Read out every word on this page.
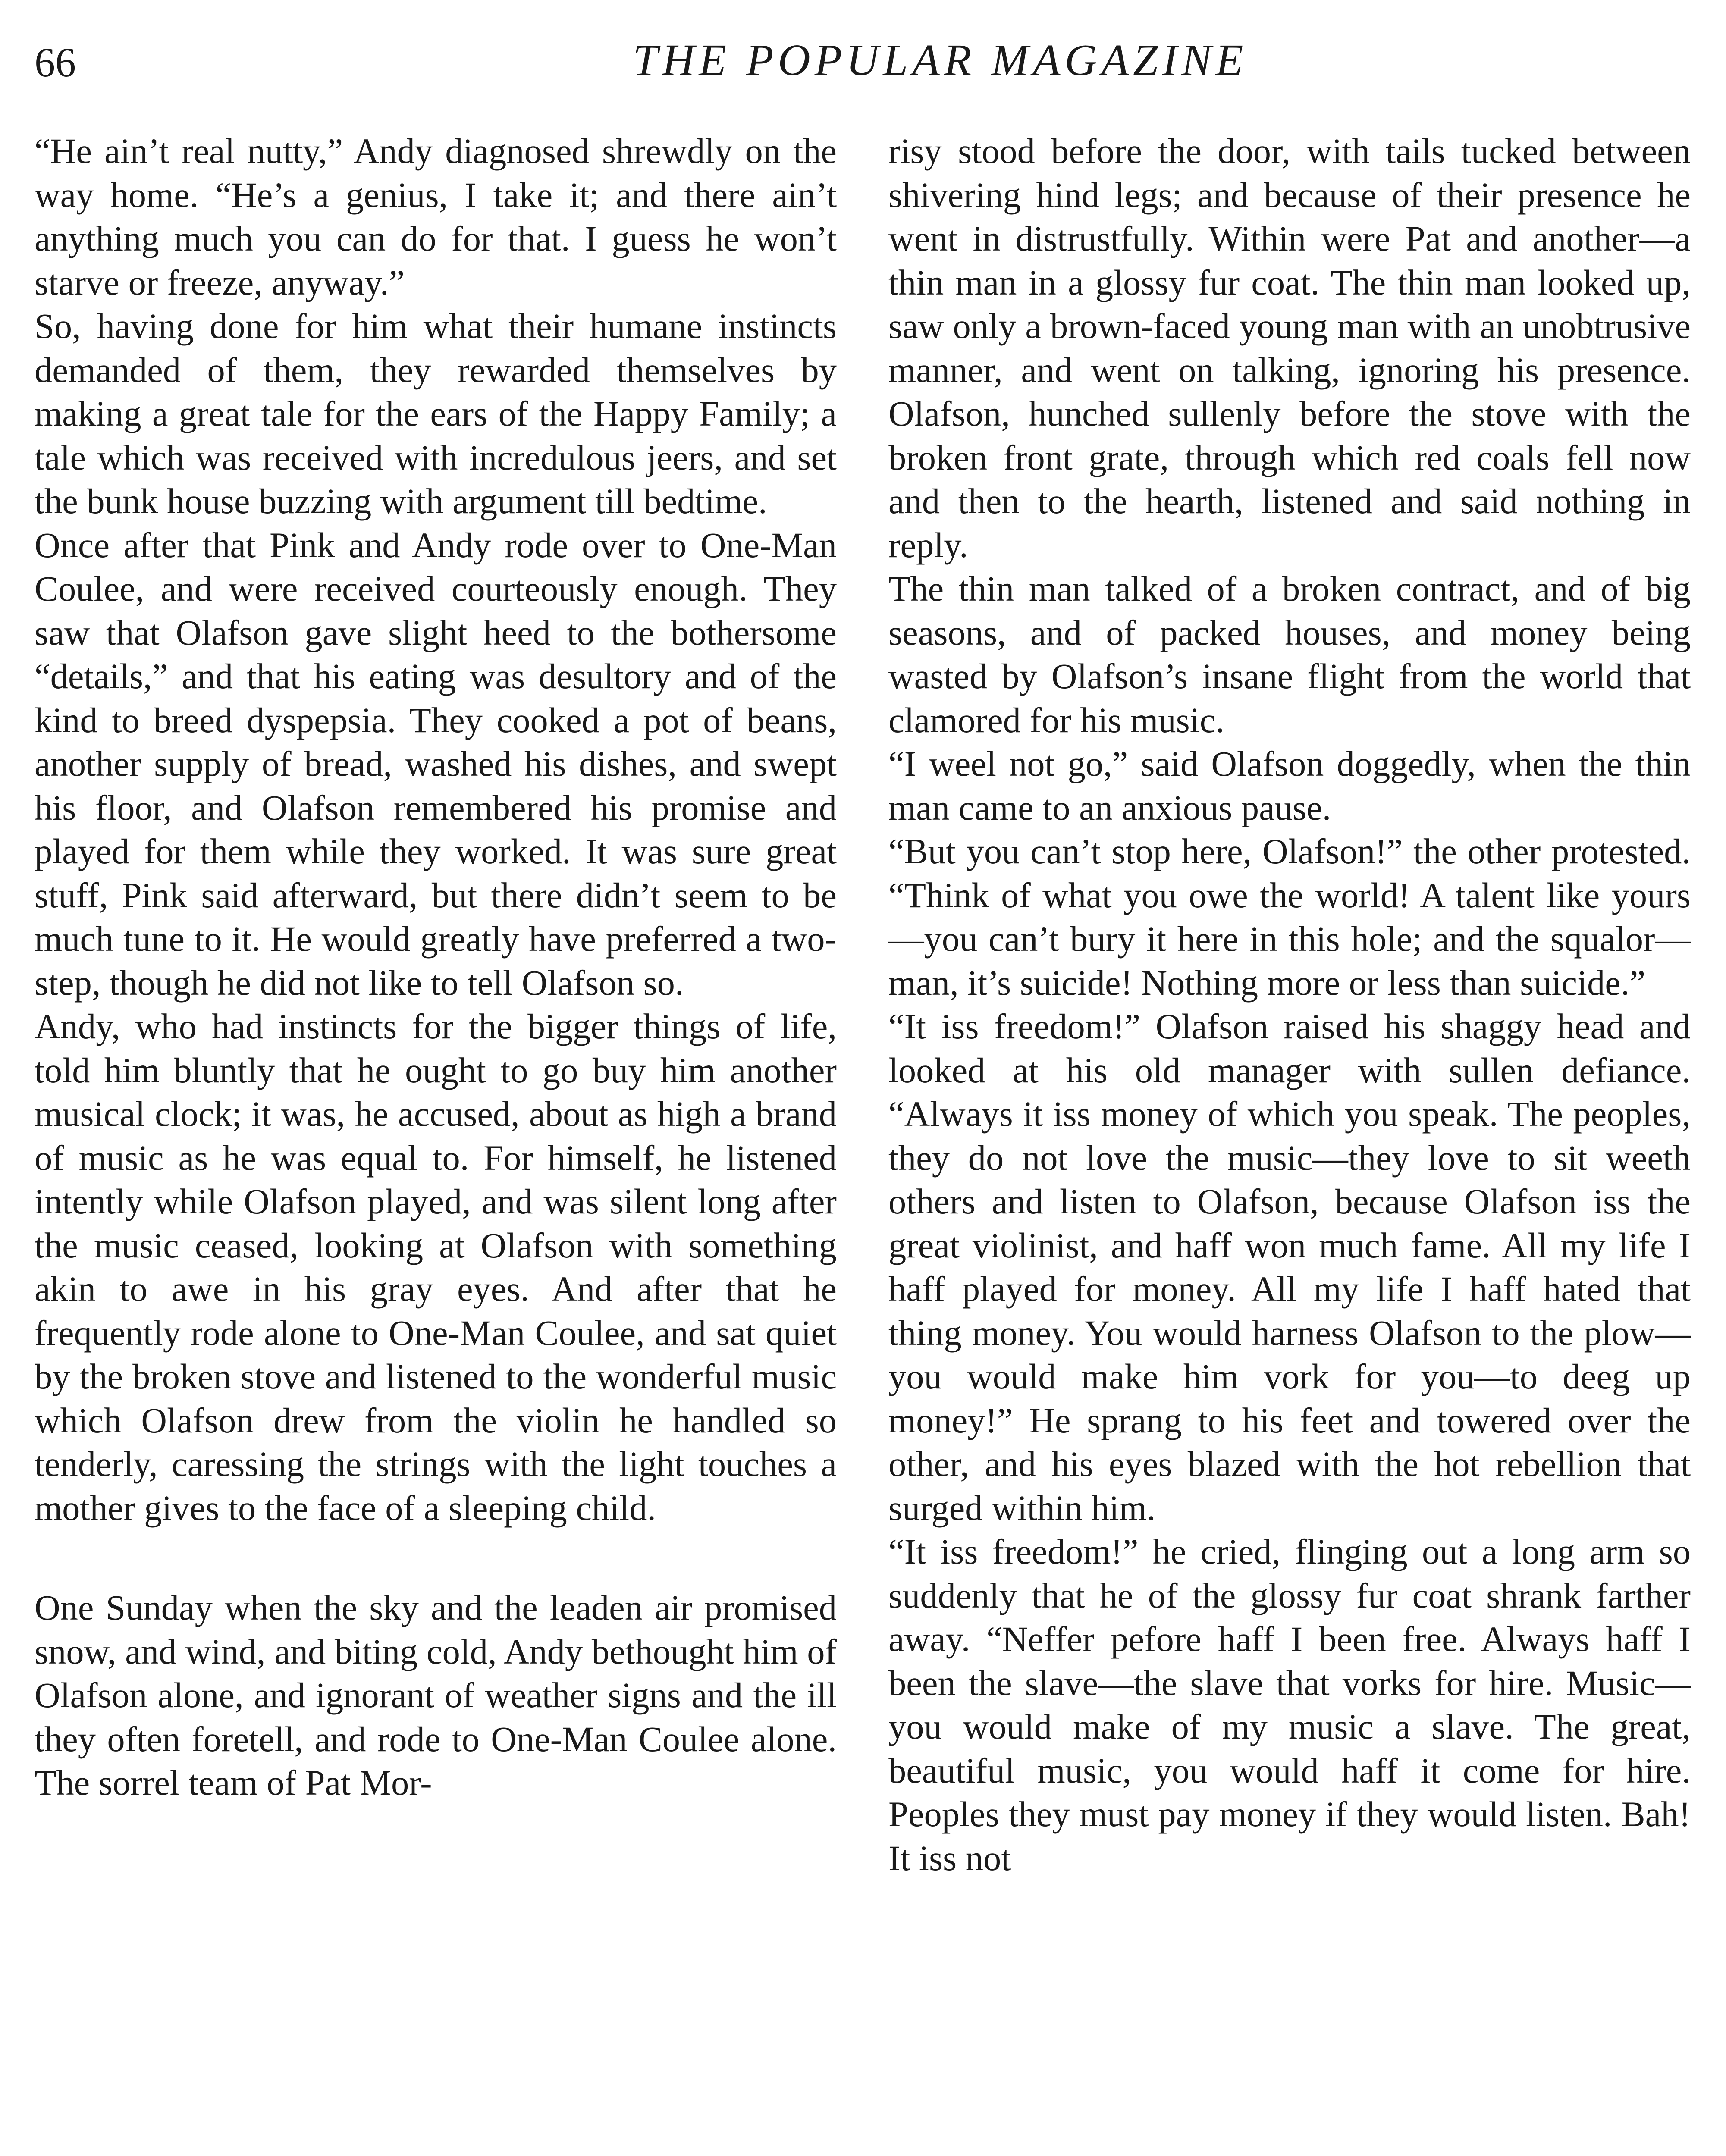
66	THE POPULAR MAGAZINE

“He ain’t real nutty,” Andy diagnosed shrewdly on the way home. “He’s a genius, I take it; and there ain’t anything much you can do for that. I guess he won’t starve or freeze, anyway.”

So, having done for him what their humane instincts demanded of them, they rewarded themselves by making a great tale for the ears of the Happy Family; a tale which was received with incredulous jeers, and set the bunk house buzzing with argument till bedtime.

Once after that Pink and Andy rode over to One-Man Coulee, and were received courteously enough. They saw that Olafson gave slight heed to the bothersome “details,” and that his eating was desultory and of the kind to breed dyspepsia. They cooked a pot of beans, another supply of bread, washed his dishes, and swept his floor, and Olafson remembered his promise and played for them while they worked. It was sure great stuff, Pink said afterward, but there didn’t seem to be much tune to it. He would greatly have preferred a two-step, though he did not like to tell Olafson so.

Andy, who had instincts for the bigger things of life, told him bluntly that he ought to go buy him another musical clock; it was, he accused, about as high a brand of music as he was equal to. For himself, he listened intently while Olafson played, and was silent long after the music ceased, looking at Olafson with something akin to awe in his gray eyes. And after that he frequently rode alone to One-Man Coulee, and sat quiet by the broken stove and listened to the wonderful music which Olafson drew from the violin he handled so tenderly, caressing the strings with the light touches a mother gives to the face of a sleeping child.

One Sunday when the sky and the leaden air promised snow, and wind, and biting cold, Andy bethought him of Olafson alone, and ignorant of weather signs and the ill they often foretell, and rode to One-Man Coulee alone. The sorrel team of Pat Mor-

risy stood before the door, with tails tucked between shivering hind legs; and because of their presence he went in distrustfully. Within were Pat and another—a thin man in a glossy fur coat. The thin man looked up, saw only a brown-faced young man with an unobtrusive manner, and went on talking, ignoring his presence. Olafson, hunched sullenly before the stove with the broken front grate, through which red coals fell now and then to the hearth, listened and said nothing in reply.

The thin man talked of a broken contract, and of big seasons, and of packed houses, and money being wasted by Olafson’s insane flight from the world that clamored for his music.

“I weel not go,” said Olafson doggedly, when the thin man came to an anxious pause.

“But you can’t stop here, Olafson!” the other protested. “Think of what you owe the world! A talent like yours—you can’t bury it here in this hole; and the squalor—man, it’s suicide! Nothing more or less than suicide.”

“It iss freedom!” Olafson raised his shaggy head and looked at his old manager with sullen defiance. “Always it iss money of which you speak. The peoples, they do not love the music—they love to sit weeth others and listen to Olafson, because Olafson iss the great violinist, and haff won much fame. All my life I haff played for money. All my life I haff hated that thing money. You would harness Olafson to the plow—you would make him vork for you—to deeg up money!” He sprang to his feet and towered over the other, and his eyes blazed with the hot rebellion that surged within him.

“It iss freedom!” he cried, flinging out a long arm so suddenly that he of the glossy fur coat shrank farther away. “Neffer pefore haff I been free. Always haff I been the slave—the slave that vorks for hire. Music—you would make of my music a slave. The great, beautiful music, you would haff it come for hire. Peoples they must pay money if they would listen. Bah! It iss not
